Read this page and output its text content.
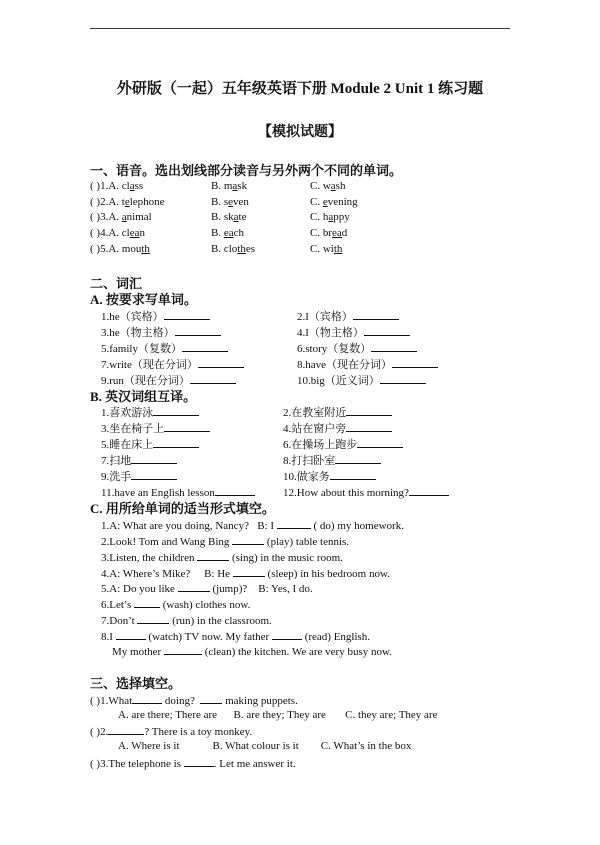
外研版（一起）五年级英语下册 Module 2 Unit 1 练习题
【模拟试题】
一、语音。选出划线部分读音与另外两个不同的单词。
( )1.A. class	B. mask	C. wash
( )2.A. telephone	B. seven	C. evening
( )3.A. animal	B. skate	C. happy
( )4.A. clean	B. each	C. bread
( )5.A. mouth	B. clothes	C. with
二、词汇
A. 按要求写单词。
1.he（宾格）	2.I（宾格）
3.he（物主格）	4.I（物主格）
5.family（复数）	6.story（复数）
7.write（现在分词）	8.have（现在分词）
9.run（现在分词）	10.big（近义词）
B. 英汉词组互译。
1.喜欢游泳	2.在教室附近
3.坐在椅子上	4.站在窗户旁
5.睡在床上	6.在操场上跑步
7.扫地	8.打扫卧室
9.洗手	10.做家务
11.have an English lesson	12.How about this morning?
C. 用所给单词的适当形式填空。
1.A: What are you doing, Nancy? B: I	( do) my homework.
2.Look! Tom and Wang Bing	(play) table tennis.
3.Listen, the children	(sing) in the music room.
4.A: Where’s Mike? B: He	(sleep) in his bedroom now.
5.A: Do you like	(jump)? B: Yes, I do.
6.Let’s	(wash) clothes now.
7.Don’t	(run) in the classroom.
8.I	(watch) TV now. My father	(read) English.
My mother	(clean) the kitchen. We are very busy now.
三、选择填空。
( )1.What	doing?	making puppets.
A. are there; There are B. are they; They are C. they are; They are
( )2.	? There is a toy monkey.
A. Where is it	B. What colour is it C. What’s in the box
( )3.The telephone is	. Let me answer it.
